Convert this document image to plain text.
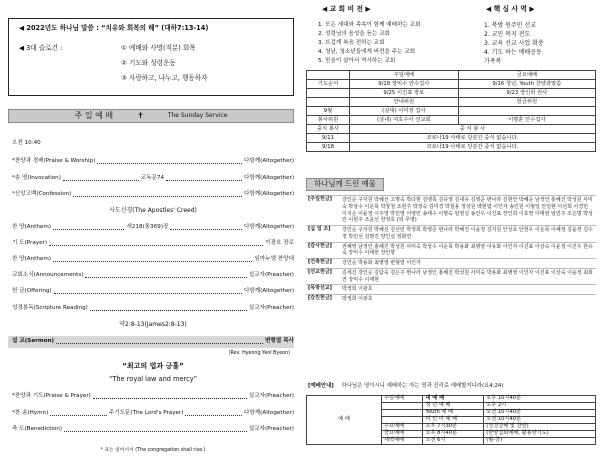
◀ 2022년도 하나님 말씀 : “치유와 회복의 해” (대하7:13-14)
◀ 3대 슬로건 :	① 예배와 사명(직분) 회복
② 기도와 성령운동
③ 사랑하고, 나누고, 행동하자
주 일 예 배	✝	The Sunday Service
오전 10:40
*찬양과 경배(Praise & Worship)	다함께(Altogether)
*송 영(Invocation)	교독문74	다함께(Altogether)
*신앙고백(Confession)	다함께(Altogether)
사도신경(The Apostles' Creed)
찬 양(Anthem)	새218(통369)장	다함께(Altogether)
기 도(Prayer)	이광호 장로
찬 양(Anthem)	임마누엘 찬양대
교회소식(Announcements)	설교자(Preacher)
헌 금(Offering)	다함께(Altogether)
성경봉독(Scripture Reading)	설교자(Preacher)
약2:8-13(James2:8-13)
설 교(Sermon)	변형열 목사
(Rev. Hyeong Yeol Byeon)
“최고의 법과 긍휼”
“The royal law and mercy”
*찬양과 기도(Praise & Prayer)	설교자(Preacher)
*찬 송(Hymn)	주기도문(The Lord's Prayer)	다함께(Altogether)
축 도(Benediction)	설교자(Preacher)
* 표는 일어서서 (The congregation shall rise.)
◀ 교 회 비 전 ▶	◀ 핵 심 사 역 ▶
1. 모든 세대와 족속이 함께 예배하는 교회
2. 성령님의 음성을 듣는 교회
3. 뜨겁게 복음 전하는 교회
4. 청년, 청소년들에게 비전을 주는 교회
5. 믿음이 살아서 역사하는 교회
1. 북방 원주민 선교
2. 교민 복지 전도
3. 교육 선교 사업 확충
4. 기도 하는 예배공동
가족복
	주일예배	금요예배
기도순서	9/18 장익수 안수집사	9/16 청년, Youth 찬양과말씀
	9/25 이진표 장로	9/23 장인희 권사
	안내위원	헌금위원
9월	(살대) 이미정 집사	
봉사위원	(살내) 여호수아 선교회	이명훈 안수집사
중식 봉사	중 식 봉 사	
9/11	코로나19 사태로 당분간 중식 없습니다.	
9/18	코로나19 사태로 당분간 중식 없습니다.	
하나님께 드린 예물
[주일헌금]	강인순 구자원 박혜선 고명숙 박다현 김맹록 김유영 김내유 김영준 변나라 김현안 박혜순 남정인 홍혜진 박성원 사미숙 박상수 이운목 박창철 조현주 박정숙 김미경 박철용 정성원 백현엽 이인자 송인원 이형일 안일현 이선희 이경민 이지은 이윤정 이주영 박민영 이영민 송태수 이명숙 임영실 송인우 이진표 장인희 이호영 이태현 임민주 조은명 박성린 이현주 조윤선 한정호 (외 무명)
[십 일 조]	강인순 구자원 박혜선 김선민 박정희 박영준 변나라 박혜진 이윤정 김지원 안상호 안헌우 이운목 이혜정 김윤정 김수정 박민선 김명진 양인실 정화연
[감사헌금]	권해영 남정인 홍혜진 박성원 사미숙 박상수 이운목 박용화 최병영 이유화 이인자 이진표 이상숙 이윤정 이건우 한유숙 장익수 이태현 장인향
[건축헌금]	강인순 박용화 최병영 변형열 이인자
[선교헌금]	김세진 강인순 김탐욱 김은주 변나라 남정인 홍혜진 박성원 사미숙 박용화 최병영 이인자 이진표 이상숙 이윤정 최희연 장익수 이태현
[목방선교]	박정희 이광호
[감친헌금]	박정희 이광호
[예배안내] 하나님은 영이시니 예배하는 자는 영과 진리로 예배할지니라(요4:24)
예 배	주일예배	대 예 배	오후 10시40분
		청 년 예 배	오후 2시
		Youth 예 배	오전 10시40분
		어 린 이 예 배	오전 10시40분
	수요예배	오후 7시30분	(성경강해 및 찬양)
	금요예배	오후 8시40분	(한양집회예배, 활용양기도)
	새벽예배	오전 6시	(월-금)
